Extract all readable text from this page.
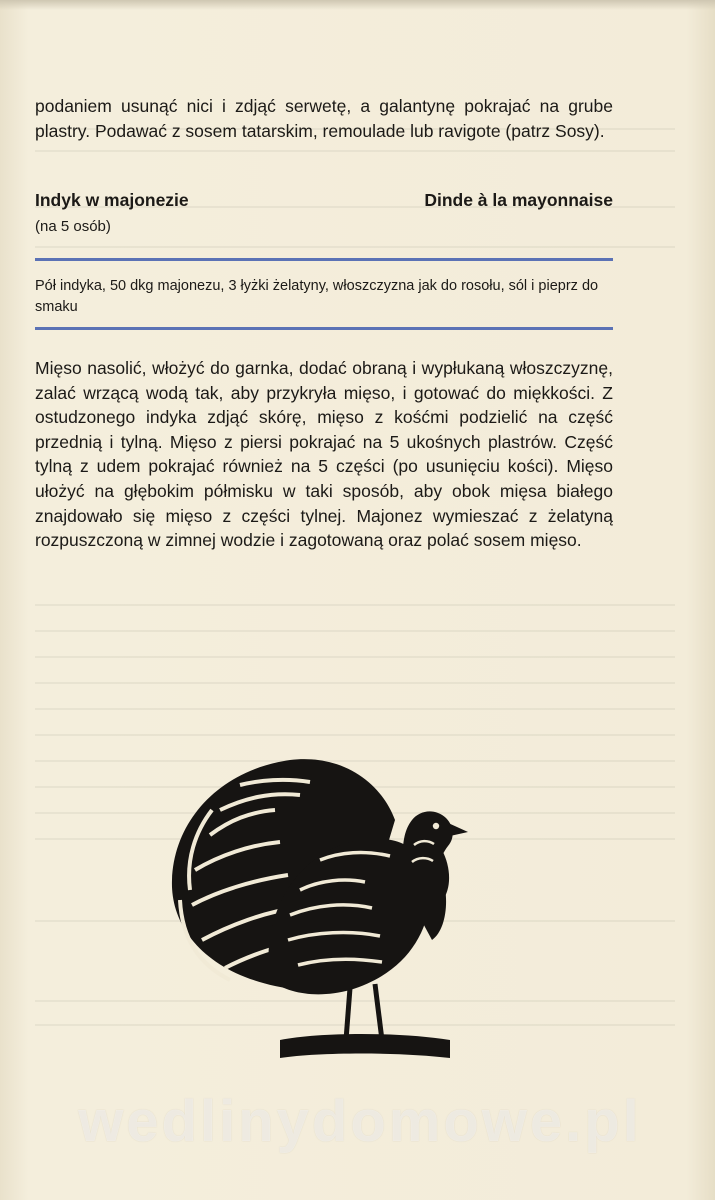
podaniem usunąć nici i zdjąć serwetę, a galantynę pokrajać na grube plastry. Podawać z sosem tatarskim, remoulade lub ravigote (patrz Sosy).

Indyk w majonezie	Dinde à la mayonnaise

(na 5 osób)

Pół indyka, 50 dkg majonezu, 3 łyżki żelatyny, włoszczyzna jak do rosołu, sól i pieprz do smaku

Mięso nasolić, włożyć do garnka, dodać obraną i wypłukaną włoszczyznę, zalać wrzącą wodą tak, aby przykryła mięso, i gotować do miękkości. Z ostudzonego indyka zdjąć skórę, mięso z kośćmi podzielić na część przednią i tylną. Mięso z piersi pokrajać na 5 ukośnych plastrów. Część tylną z udem pokrajać również na 5 części (po usunięciu kości). Mięso ułożyć na głębokim półmisku w taki sposób, aby obok mięsa białego znajdowało się mięso z części tylnej. Majonez wymieszać z żelatyną rozpuszczoną w zimnej wodzie i zagotowaną oraz polać sosem mięso.

wedlinydomowe.pl
